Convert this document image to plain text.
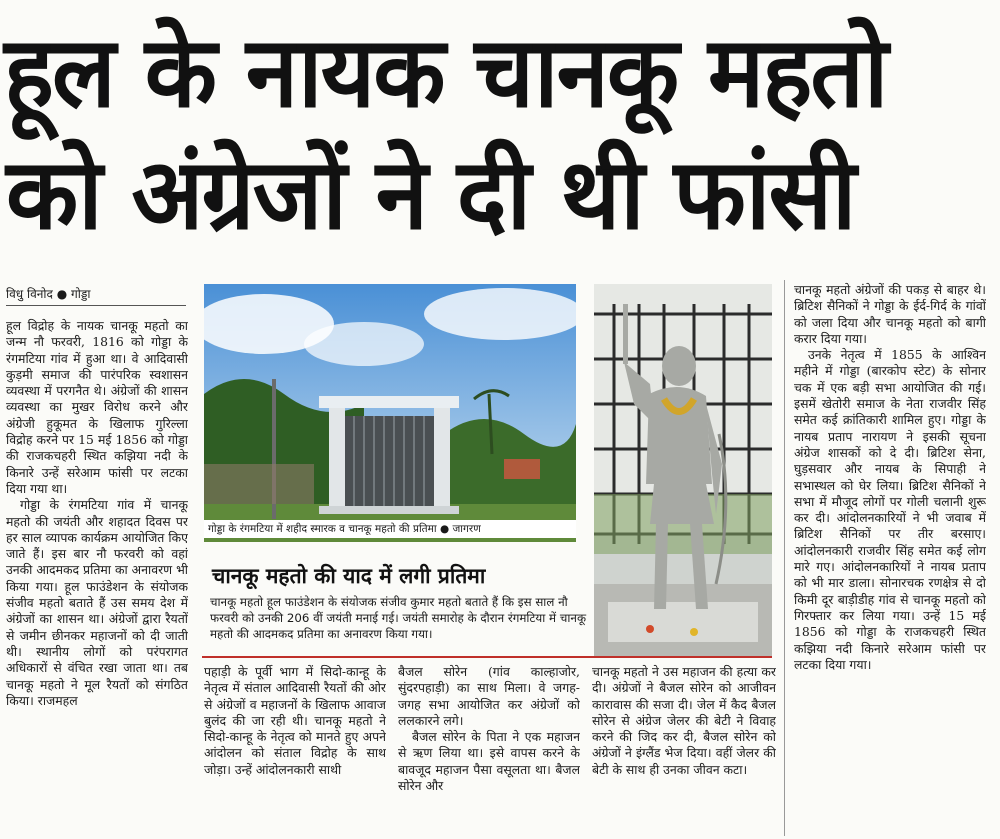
हूल के नायक चानकू महतो
को अंग्रेजों ने दी थी फांसी
विधु विनोद ● गोड्डा

हूल विद्रोह के नायक चानकू महतो का जन्म नौ फरवरी, 1816 को गोड्डा के रंगमटिया गांव में हुआ था। वे आदिवासी कुड़मी समाज की पारंपरिक स्वशासन व्यवस्था में परगनैत थे। अंग्रेजों की शासन व्यवस्था का मुखर विरोध करने और अंग्रेजी हुकूमत के खिलाफ गुरिल्ला विद्रोह करने पर 15 मई 1856 को गोड्डा की राजकचहरी स्थित कझिया नदी के किनारे उन्हें सरेआम फांसी पर लटका दिया गया था।

गोड्डा के रंगमटिया गांव में चानकू महतो की जयंती और शहादत दिवस पर हर साल व्यापक कार्यक्रम आयोजित किए जाते हैं। इस बार नौ फरवरी को वहां उनकी आदमकद प्रतिमा का अनावरण भी किया गया। हूल फाउंडेशन के संयोजक संजीव महतो बताते हैं उस समय देश में अंग्रेजों का शासन था। अंग्रेजों द्वारा रैयतों से जमीन छीनकर महाजनों को दी जाती थी। स्थानीय लोगों को परंपरागत अधिकारों से वंचित रखा जाता था। तब चानकू महतो ने मूल रैयतों को संगठित किया। राजमहल

गोड्डा के रंगमटिया में शहीद स्मारक व चानकू महतो की प्रतिमा ● जागरण
चानकू महतो की याद में लगी प्रतिमा
चानकू महतो हूल फाउंडेशन के संयोजक संजीव कुमार महतो बताते हैं कि इस साल नौ फरवरी को उनकी 206 वीं जयंती मनाई गई। जयंती समारोह के दौरान रंगमटिया में चानकू महतो की आदमकद प्रतिमा का अनावरण किया गया।

पहाड़ी के पूर्वी भाग में सिदो-कान्हू के नेतृत्व में संताल आदिवासी रैयतों की ओर से अंग्रेजों व महाजनों के खिलाफ आवाज बुलंद की जा रही थी। चानकू महतो ने सिदो-कान्हू के नेतृत्व को मानते हुए अपने आंदोलन को संताल विद्रोह के साथ जोड़ा। उन्हें आंदोलनकारी साथी

बैजल सोरेन (गांव काल्हाजोर, सुंदरपहाड़ी) का साथ मिला। वे जगह-जगह सभा आयोजित कर अंग्रेजों को ललकारने लगे।

बैजल सोरेन के पिता ने एक महाजन से ऋण लिया था। इसे वापस करने के बावजूद महाजन पैसा वसूलता था। बैजल सोरेन और

चानकू महतो ने उस महाजन की हत्या कर दी। अंग्रेजों ने बैजल सोरेन को आजीवन कारावास की सजा दी। जेल में कैद बैजल सोरेन से अंग्रेज जेलर की बेटी ने विवाह करने की जिद कर दी, बैजल सोरेन को अंग्रेजों ने इंग्लैंड भेज दिया। वहीं जेलर की बेटी के साथ ही उनका जीवन कटा।

चानकू महतो अंग्रेजों की पकड़ से बाहर थे। ब्रिटिश सैनिकों ने गोड्डा के ईर्द-गिर्द के गांवों को जला दिया और चानकू महतो को बागी करार दिया गया।

उनके नेतृत्व में 1855 के आश्विन महीने में गोड्डा (बारकोप स्टेट) के सोनार चक में एक बड़ी सभा आयोजित की गई। इसमें खेतोरी समाज के नेता राजवीर सिंह समेत कई क्रांतिकारी शामिल हुए। गोड्डा के नायब प्रताप नारायण ने इसकी सूचना अंग्रेज शासकों को दे दी। ब्रिटिश सेना, घुड़सवार और नायब के सिपाही ने सभास्थल को घेर लिया। ब्रिटिश सैनिकों ने सभा में मौजूद लोगों पर गोली चलानी शुरू कर दी। आंदोलनकारियों ने भी जवाब में ब्रिटिश सैनिकों पर तीर बरसाए। आंदोलनकारी राजवीर सिंह समेत कई लोग मारे गए। आंदोलनकारियों ने नायब प्रताप को भी मार डाला। सोनारचक रणक्षेत्र से दो किमी दूर बाड़ीडीह गांव से चानकू महतो को गिरफ्तार कर लिया गया। उन्हें 15 मई 1856 को गोड्डा के राजकचहरी स्थित कझिया नदी किनारे सरेआम फांसी पर लटका दिया गया।
